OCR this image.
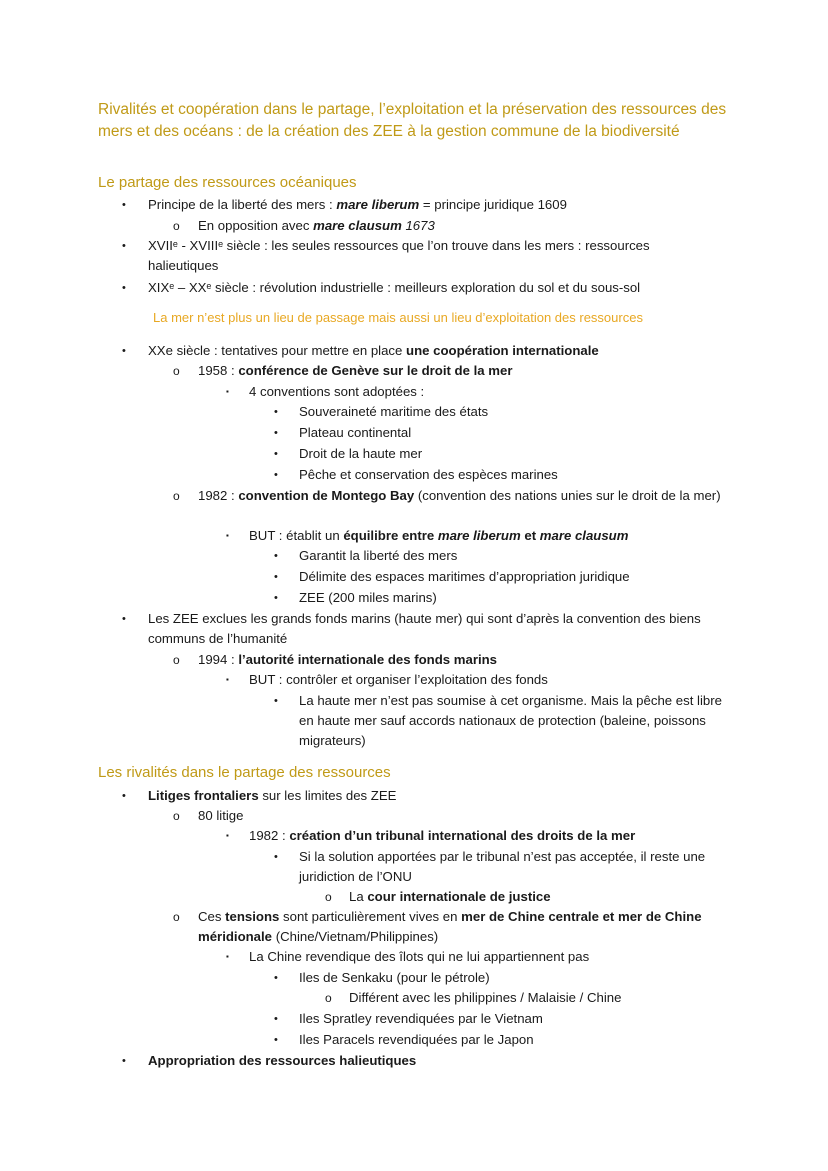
Rivalités et coopération dans le partage, l’exploitation et la préservation des ressources des mers et des océans : de la création des ZEE à la gestion commune de la biodiversité
Le partage des ressources océaniques
• Principe de la liberté des mers : mare liberum = principe juridique 1609
o En opposition avec mare clausum 1673
• XVIIᵉ - XVIIIᵉ siècle : les seules ressources que l’on trouve dans les mers : ressources halieutiques
• XIXᵉ – XXᵉ siècle : révolution industrielle : meilleurs exploration du sol et du sous-sol
La mer n’est plus un lieu de passage mais aussi un lieu d’exploitation des ressources
• XXe siècle : tentatives pour mettre en place une coopération internationale
o 1958 : conférence de Genève sur le droit de la mer
▪ 4 conventions sont adoptées :
• Souveraineté maritime des états
• Plateau continental
• Droit de la haute mer
• Pêche et conservation des espèces marines
o 1982 : convention de Montego Bay (convention des nations unies sur le droit de la mer)
▪ BUT : établit un équilibre entre mare liberum et mare clausum
• Garantit la liberté des mers
• Délimite des espaces maritimes d’appropriation juridique
• ZEE (200 miles marins)
• Les ZEE exclues les grands fonds marins (haute mer) qui sont d’après la convention des biens communs de l’humanité
o 1994 : l’autorité internationale des fonds marins
▪ BUT : contrôler et organiser l’exploitation des fonds
• La haute mer n’est pas soumise à cet organisme. Mais la pêche est libre en haute mer sauf accords nationaux de protection (baleine, poissons migrateurs)
Les rivalités dans le partage des ressources
• Litiges frontaliers sur les limites des ZEE
o 80 litige
▪ 1982 : création d’un tribunal international des droits de la mer
• Si la solution apportées par le tribunal n’est pas acceptée, il reste une juridiction de l’ONU
o La cour internationale de justice
o Ces tensions sont particulièrement vives en mer de Chine centrale et mer de Chine méridionale (Chine/Vietnam/Philippines)
▪ La Chine revendique des îlots qui ne lui appartiennent pas
• Iles de Senkaku (pour le pétrole)
o Différent avec les philippines / Malaisie / Chine
• Iles Spratley revendiquées par le Vietnam
• Iles Paracels revendiquées par le Japon
• Appropriation des ressources halieutiques
